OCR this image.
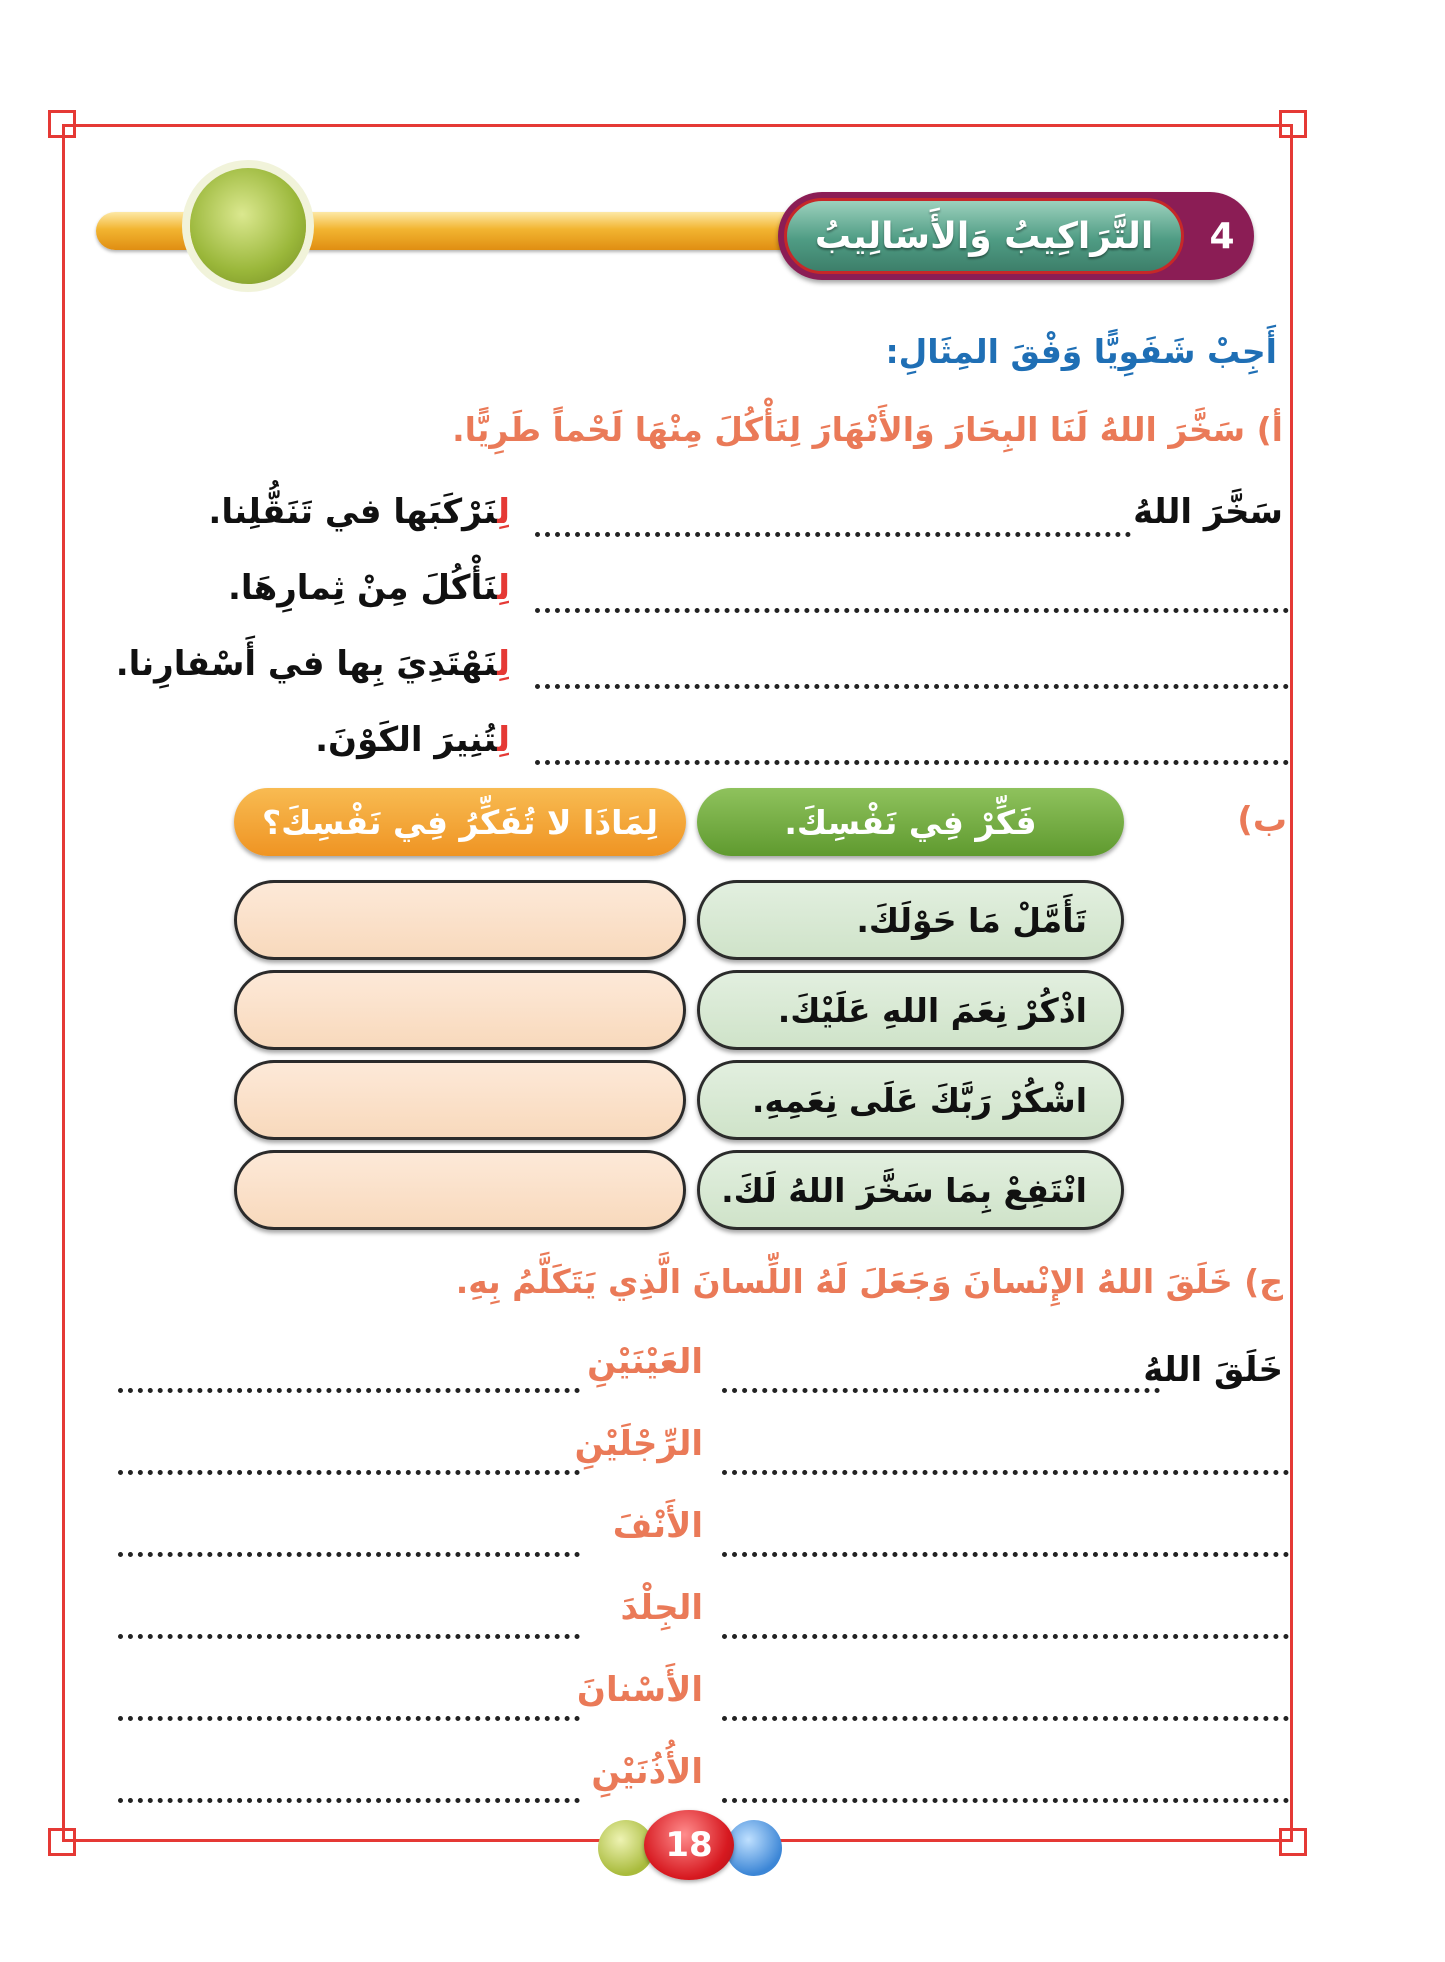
التَّرَاكِيبُ وَالأَسَالِيبُ	4
أَجِبْ شَفَوِيًّا وَفْقَ المِثَالِ:
أ) سَخَّرَ اللهُ لَنَا البِحَارَ وَالأَنْهَارَ لِنَأْكُلَ مِنْهَا لَحْماً طَرِيًّا.
سَخَّرَ اللهُ
لِنَرْكَبَها في تَنَقُّلِنا.
لِنَأْكُلَ مِنْ ثِمارِهَا.
لِنَهْتَدِيَ بِها في أَسْفارِنا.
لِتُنِيرَ الكَوْنَ.
ب)
فَكِّرْ فِي نَفْسِكَ.
لِمَاذَا لا تُفَكِّرُ فِي نَفْسِكَ؟
تَأَمَّلْ مَا حَوْلَكَ.
اذْكُرْ نِعَمَ اللهِ عَلَيْكَ.
اشْكُرْ رَبَّكَ عَلَى نِعَمِهِ.
انْتَفِعْ بِمَا سَخَّرَ اللهُ لَكَ.
ج) خَلَقَ اللهُ الإِنْسانَ وَجَعَلَ لَهُ اللِّسانَ الَّذِي يَتَكَلَّمُ بِهِ.
خَلَقَ اللهُ
العَيْنَيْنِ
الرِّجْلَيْنِ
الأَنْفَ
الجِلْدَ
الأَسْنانَ
الأُذُنَيْنِ
18
